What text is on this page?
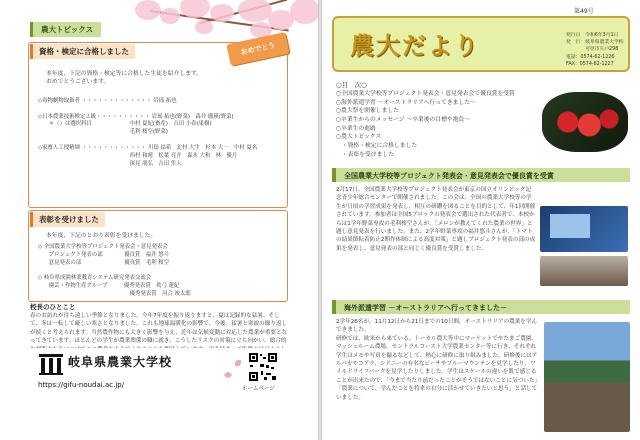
農大トピックス
資格・検定に合格しました	おめでとう
本年度、下記の資格・検定等に合格した生徒を紹介します。
おめでとうございます。
◇毒物劇物取扱者 ・・・・・・・・・・・・・ 岩瑶 拓也

◇日本農業技術検定２級・・・・・・・・・・ 岩瑶 拓也(野菜)　森井 麗瑛(野菜)
　　＊（）は選択科目　　　　　　　中村 夏妃(畜産)　吉田 小春(果樹)
　　　　　　　　　　　　　　　　　毛利 桜空(野菜)

◇家畜人工授精師 ・・・・・・・・・・・・ 川島 結希　北村 大生　杉本 大一　中村 夏名
　　　　　　　　　　　　　　　　　西村 和晴　松葉 亮介　森本 大和　林　優月
　　　　　　　　　　　　　　　　　深見 朋弘　吉田 隼人
表彰を受けました
本年度、下記のとおり表彰を受けました。
◇ 全国農業大学校等プロジェクト発表会・意見発表会
　　プロジェクト発表の部　　　　優良賞　福井 悠斗
　　意見発表の部　　　　　　　　優良賞　毛利 桜空

◇ 岐阜県成園林業教育システム研究発表交流会
　　園芸・作物生産グループ　　　優秀発表賞　眞弓 蓮紀
　　　　　　　　　　　　　　　　　優秀発表賞　河合 竣太郎
校長のひとこと
春のお訪れが待ち遠しい季節となりました。今年7年度を振り返りますと、夏は記録的な猛暑、そして、冬は一転して厳しい寒さとなりました。これも地球温暖化の影響で、今後、猛暑と寒波の繰り返しが続くと考えられます。当然農作物にも大きく影響を与え、近年は気候変動に対応した農業が重要となってきています。ほとんどの学生が農業関係の職に就き、こうしたリスクの対策に立ち向かい、総合的
岐阜県農業大学校
https://gifu-noudai.ac.jp/	ホームページ
農大だより
第49号
発行日　令和6年3月1日
発　行　岐阜県農業大学校
　　　　可児市矢戸298
電話：0574-62-1226
FAX：0574-62-1227
○目　次○
○全国農業大学校等プロジェクト発表会・意見発表会で優良賞を受賞
○海外派遣学習 ～オーストラリアへ行ってきました～
○農大祭を開催しました
○卒業生からのメッセージ ～卒業後の目標や抱負～
○卒業生の進路
○農大トピックス
　・資格・検定に合格しました
　・表彰を受けました
全国農業大学校等プロジェクト発表会・意見発表会で優良賞を受賞
2月17日、全国農業大学校等プロジェクト発表会が東京の国立オリンピック記念青少年総合センターで開催されました。この会は、全国の農業大学校等の学生が日頃の学習成果を発表し、相互の研鑽を図ることを目的として、年1回開催されています。参加者は全国5ブロックの発表会で選出された代表者で、本校からは1学年野菜専攻の毛利桜空さんが、「メロンが教えてくれた農業の世界」と題し意見発表を行いました。また、2学年野菜専攻の福井悠斗さんが、「トマトの結果節転着防止2期作体制による高度対策」と題しプロジェクト発表の部の成果を発表し、意見発表の部と同じく優良賞を受賞しました。
海外派遣学習 －オーストラリアへ行ってきました－
2学年26名が、11月12日から21日までの10日間、オーストラリアの農業を学んできました。
研修では、欧米から来ている、トーカル農大等中にマーケットでやたまご農園、マッシュルーム農場、セントラルコースト大学農業センター等に行き、それぞれ学生はメモや写真を撮るなどして、熱心に研修に取り組みました。研修後にはアルパカやコアラ、シドニーの有名なビーチやブルーマウンテンを見学したり、ワイルドライフパークを見学したりしました。学生はスケールの違いを肌で感じることが出来たので、「今まで当たり前だったことがそうではないことに気づいた」「農業について、学んだことを将来の自分に活かせていきたいと思う」と話していました。
